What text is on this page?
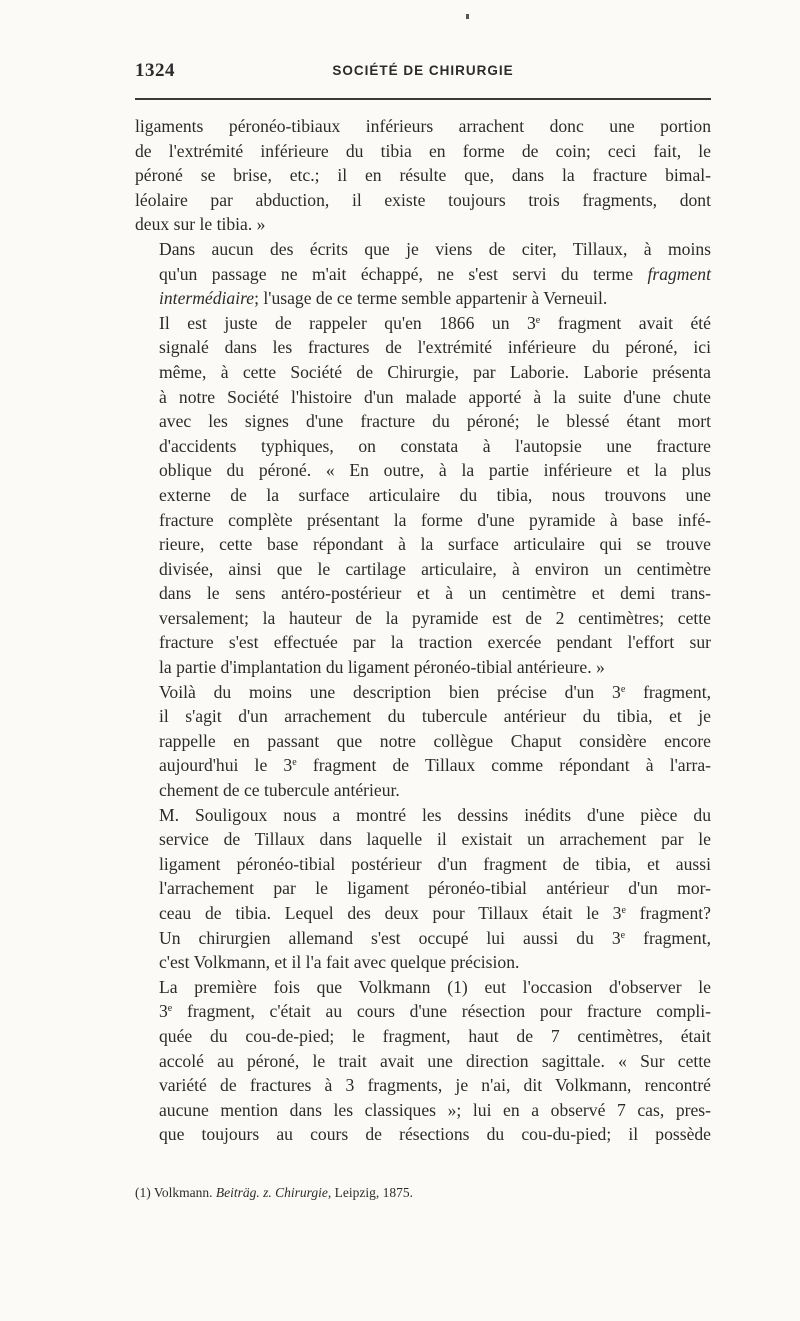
1324	SOCIÉTÉ DE CHIRURGIE

ligaments péronéo-tibiaux inférieurs arrachent donc une portion
de l'extrémité inférieure du tibia en forme de coin; ceci fait, le
péroné se brise, etc.; il en résulte que, dans la fracture bimal-
léolaire par abduction, il existe toujours trois fragments, dont
deux sur le tibia. »

Dans aucun des écrits que je viens de citer, Tillaux, à moins
qu'un passage ne m'ait échappé, ne s'est servi du terme fragment
intermédiaire; l'usage de ce terme semble appartenir à Verneuil.

Il est juste de rappeler qu'en 1866 un 3e fragment avait été
signalé dans les fractures de l'extrémité inférieure du péroné, ici
même, à cette Société de Chirurgie, par Laborie. Laborie présenta
à notre Société l'histoire d'un malade apporté à la suite d'une chute
avec les signes d'une fracture du péroné; le blessé étant mort
d'accidents typhiques, on constata à l'autopsie une fracture
oblique du péroné. « En outre, à la partie inférieure et la plus
externe de la surface articulaire du tibia, nous trouvons une
fracture complète présentant la forme d'une pyramide à base infé-
rieure, cette base répondant à la surface articulaire qui se trouve
divisée, ainsi que le cartilage articulaire, à environ un centimètre
dans le sens antéro-postérieur et à un centimètre et demi trans-
versalement; la hauteur de la pyramide est de 2 centimètres; cette
fracture s'est effectuée par la traction exercée pendant l'effort sur
la partie d'implantation du ligament péronéo-tibial antérieure. »

Voilà du moins une description bien précise d'un 3e fragment,
il s'agit d'un arrachement du tubercule antérieur du tibia, et je
rappelle en passant que notre collègue Chaput considère encore
aujourd'hui le 3e fragment de Tillaux comme répondant à l'arra-
chement de ce tubercule antérieur.

M. Souligoux nous a montré les dessins inédits d'une pièce du
service de Tillaux dans laquelle il existait un arrachement par le
ligament péronéo-tibial postérieur d'un fragment de tibia, et aussi
l'arrachement par le ligament péronéo-tibial antérieur d'un mor-
ceau de tibia. Lequel des deux pour Tillaux était le 3e fragment?

Un chirurgien allemand s'est occupé lui aussi du 3e fragment,
c'est Volkmann, et il l'a fait avec quelque précision.

La première fois que Volkmann (1) eut l'occasion d'observer le
3e fragment, c'était au cours d'une résection pour fracture compli-
quée du cou-de-pied; le fragment, haut de 7 centimètres, était
accolé au péroné, le trait avait une direction sagittale. « Sur cette
variété de fractures à 3 fragments, je n'ai, dit Volkmann, rencontré
aucune mention dans les classiques »; lui en a observé 7 cas, pres-
que toujours au cours de résections du cou-du-pied; il possède

(1) Volkmann. Beiträg. z. Chirurgie, Leipzig, 1875.
